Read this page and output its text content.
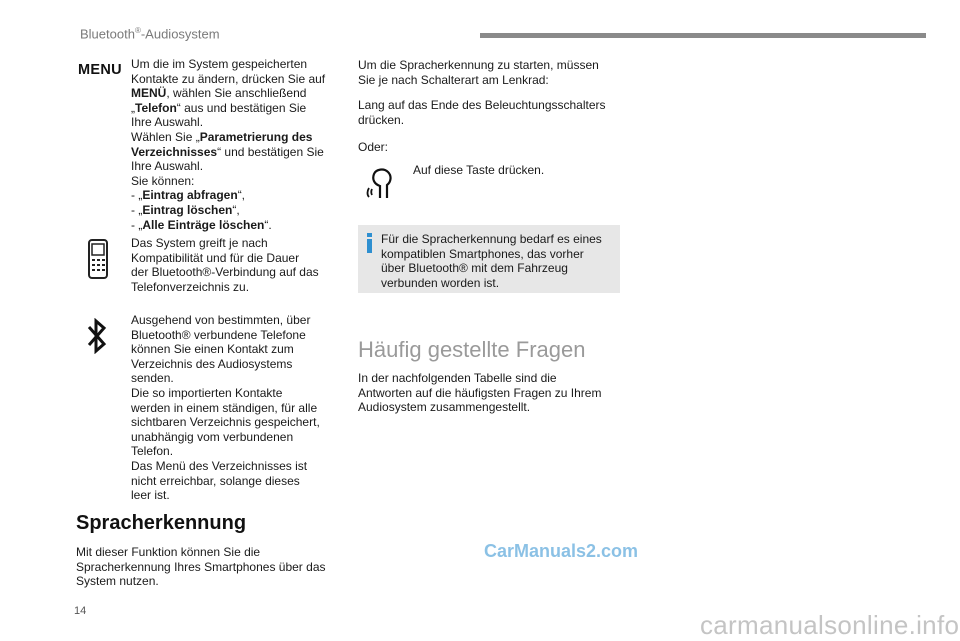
Bluetooth®-Audiosystem
MENU Um die im System gespeicherten
Kontakte zu ändern, drücken Sie auf
MENÜ, wählen Sie anschließend
„Telefon“ aus und bestätigen Sie
Ihre Auswahl.
Wählen Sie „Parametrierung des
Verzeichnisses“ und bestätigen Sie
Ihre Auswahl.
Sie können:
- „Eintrag abfragen“,
- „Eintrag löschen“,
- „Alle Einträge löschen“.
Das System greift je nach
Kompatibilität und für die Dauer
der Bluetooth®-Verbindung auf das
Telefonverzeichnis zu.
Ausgehend von bestimmten, über
Bluetooth® verbundene Telefone
können Sie einen Kontakt zum
Verzeichnis des Audiosystems
senden.
Die so importierten Kontakte
werden in einem ständigen, für alle
sichtbaren Verzeichnis gespeichert,
unabhängig vom verbundenen
Telefon.
Das Menü des Verzeichnisses ist
nicht erreichbar, solange dieses
leer ist.
Spracherkennung
Mit dieser Funktion können Sie die
Spracherkennung Ihres Smartphones über das
System nutzen.
Um die Spracherkennung zu starten, müssen
Sie je nach Schalterart am Lenkrad:
Lang auf das Ende des Beleuchtungsschalters
drücken.
Oder:
Auf diese Taste drücken.
Für die Spracherkennung bedarf es eines
kompatiblen Smartphones, das vorher
über Bluetooth® mit dem Fahrzeug
verbunden worden ist.
Häufig gestellte Fragen
In der nachfolgenden Tabelle sind die
Antworten auf die häufigsten Fragen zu Ihrem
Audiosystem zusammengestellt.
CarManuals2.com
carmanualsonline.info
14
